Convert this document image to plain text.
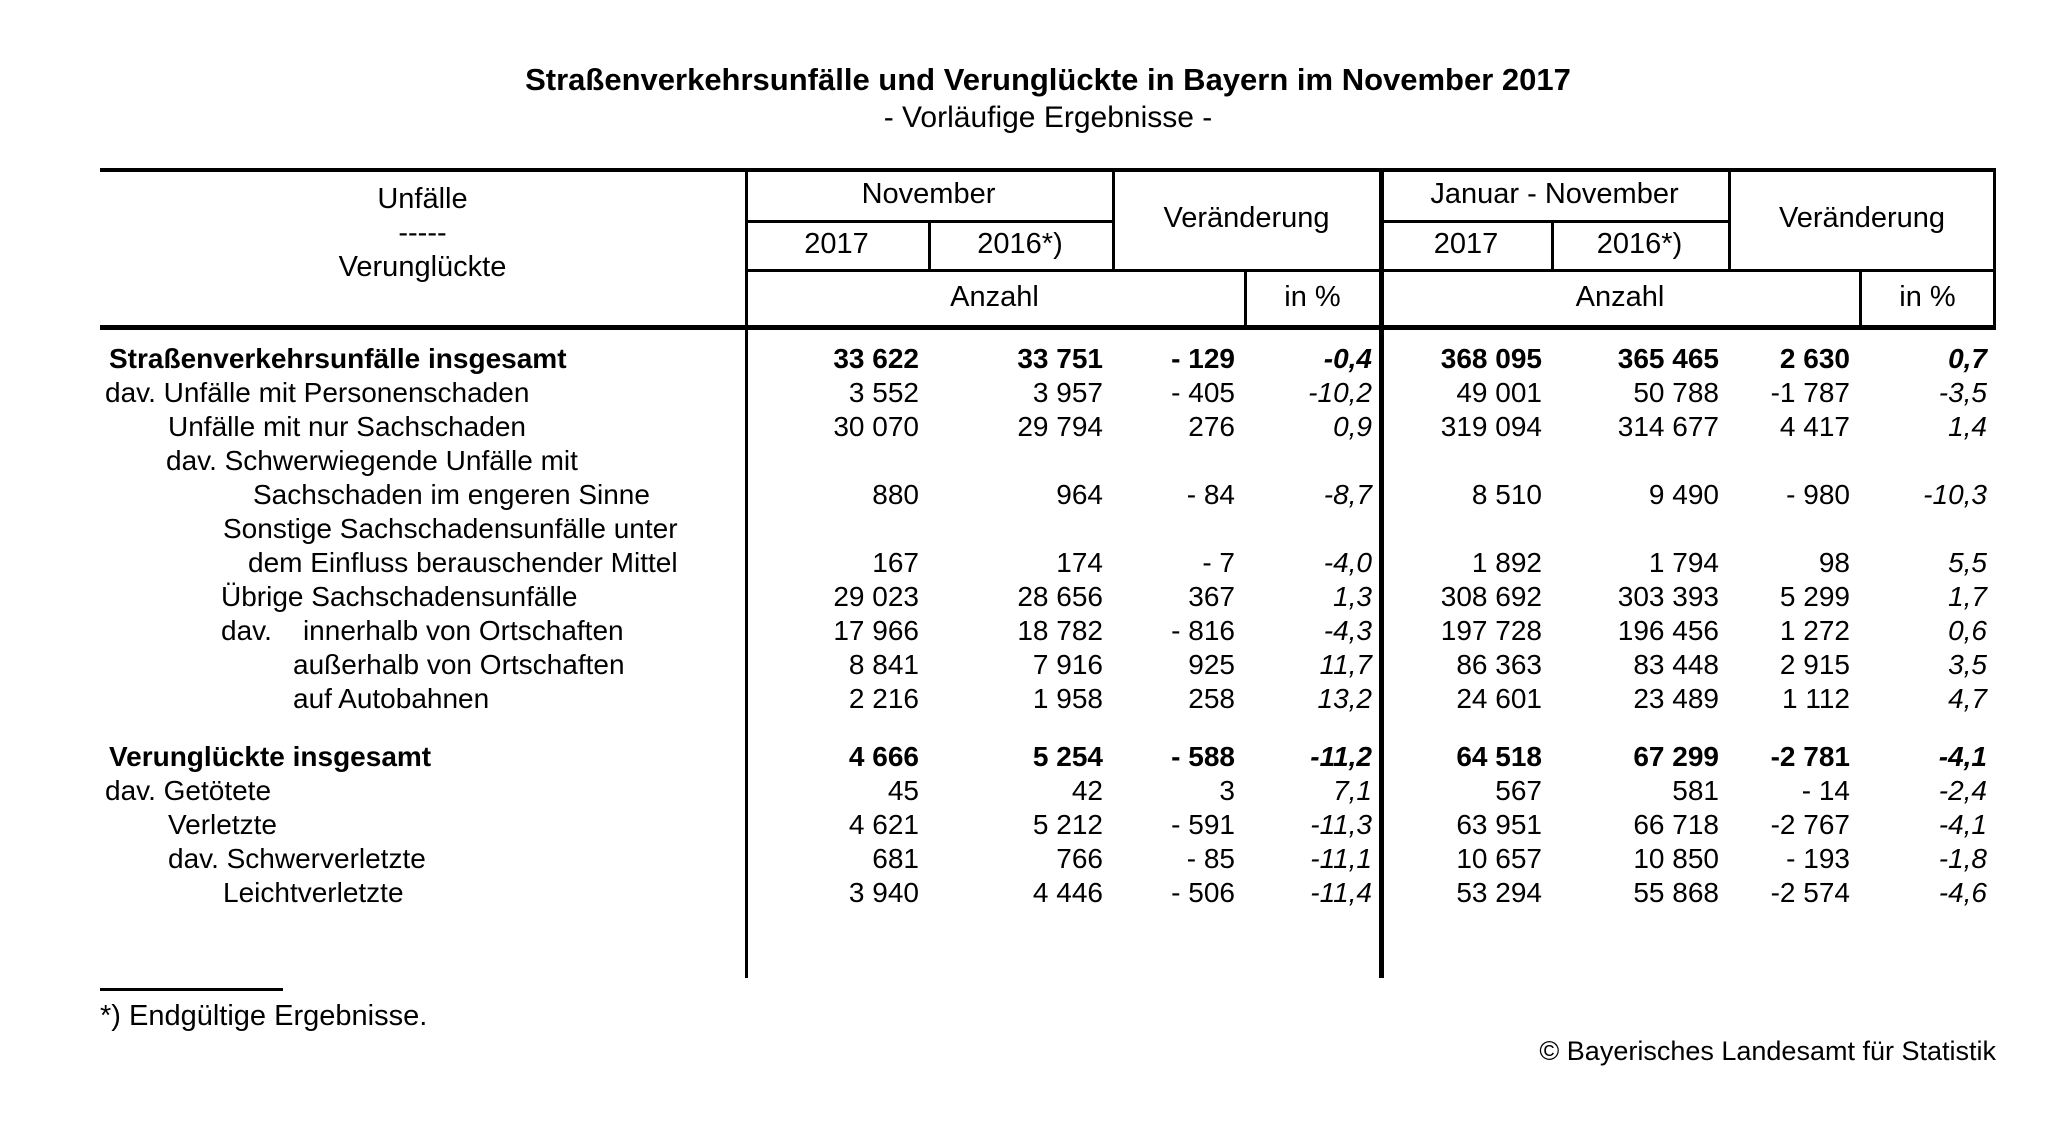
Straßenverkehrsunfälle und Verunglückte in Bayern im November 2017
- Vorläufige Ergebnisse -
Unfälle
-----
Verunglückte
November
Veränderung
Januar - November
Veränderung
2017	2016*)	2017	2016*)
Anzahl	in %	Anzahl	in %
Straßenverkehrsunfälle insgesamt	33 622	33 751	- 129	-0,4	368 095	365 465	2 630	0,7
dav. Unfälle mit Personenschaden	3 552	3 957	- 405	-10,2	49 001	50 788	-1 787	-3,5
Unfälle mit nur Sachschaden	30 070	29 794	276	0,9	319 094	314 677	4 417	1,4
dav. Schwerwiegende Unfälle mit
Sachschaden im engeren Sinne	880	964	- 84	-8,7	8 510	9 490	- 980	-10,3
Sonstige Sachschadensunfälle unter
dem Einfluss berauschender Mittel	167	174	- 7	-4,0	1 892	1 794	98	5,5
Übrige Sachschadensunfälle	29 023	28 656	367	1,3	308 692	303 393	5 299	1,7
dav.    innerhalb von Ortschaften	17 966	18 782	- 816	-4,3	197 728	196 456	1 272	0,6
außerhalb von Ortschaften	8 841	7 916	925	11,7	86 363	83 448	2 915	3,5
auf Autobahnen	2 216	1 958	258	13,2	24 601	23 489	1 112	4,7
Verunglückte insgesamt	4 666	5 254	- 588	-11,2	64 518	67 299	-2 781	-4,1
dav. Getötete	45	42	3	7,1	567	581	- 14	-2,4
Verletzte	4 621	5 212	- 591	-11,3	63 951	66 718	-2 767	-4,1
dav. Schwerverletzte	681	766	- 85	-11,1	10 657	10 850	- 193	-1,8
Leichtverletzte	3 940	4 446	- 506	-11,4	53 294	55 868	-2 574	-4,6
*) Endgültige Ergebnisse.
© Bayerisches Landesamt für Statistik
